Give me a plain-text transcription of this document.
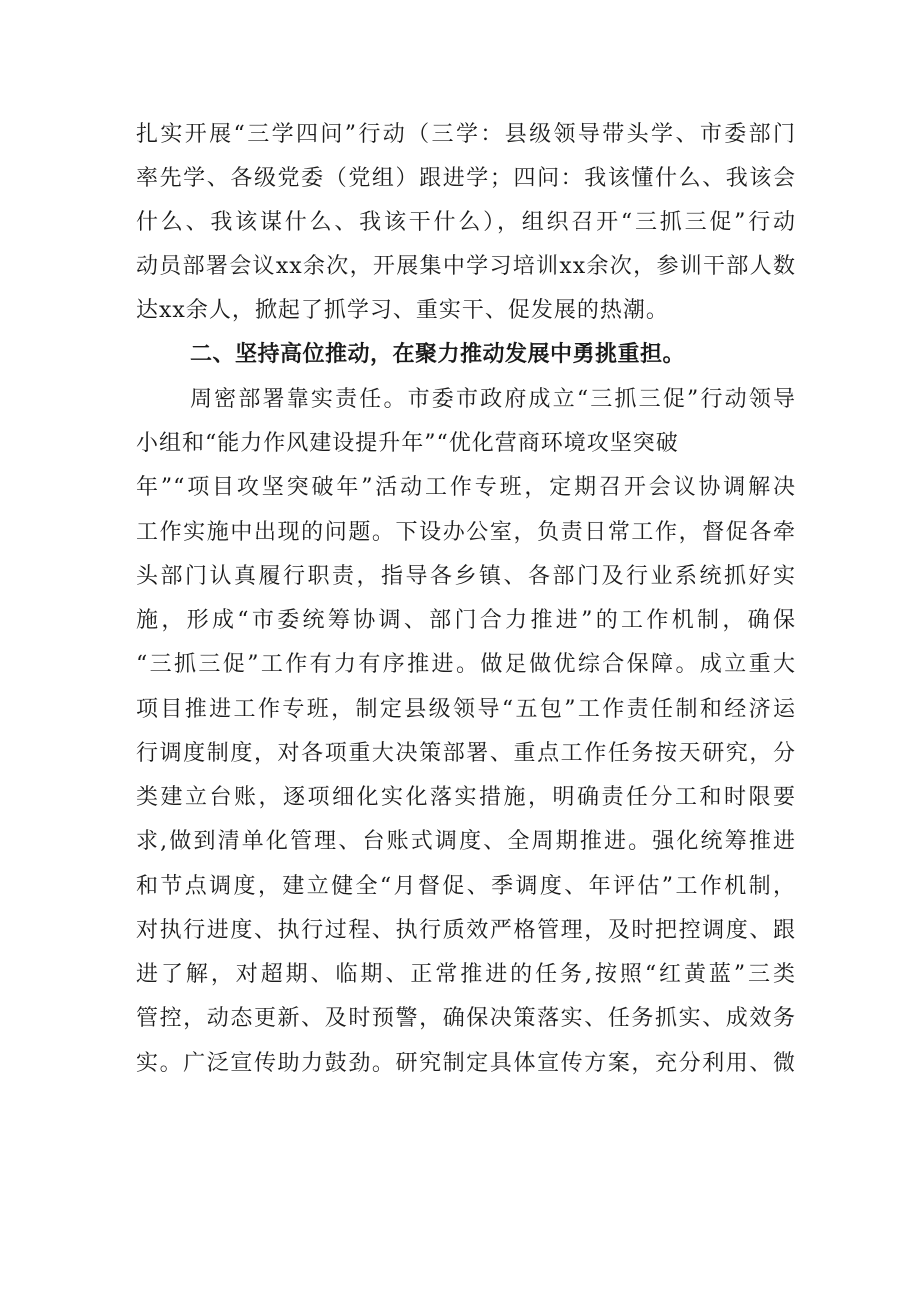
扎实开展“三学四问”行动（三学：县级领导带头学、市委部门
率先学、各级党委（党组）跟进学；四问：我该懂什么、我该会
什么、我该谋什么、我该干什么），组织召开“三抓三促”行动
动员部署会议xx余次，开展集中学习培训xx余次，参训干部人数
达xx余人，掀起了抓学习、重实干、促发展的热潮。
二、坚持高位推动，在聚力推动发展中勇挑重担。
周密部署靠实责任。市委市政府成立“三抓三促”行动领导
小组和“能力作风建设提升年”“优化营商环境攻坚突破
年”“项目攻坚突破年”活动工作专班，定期召开会议协调解决
工作实施中出现的问题。下设办公室，负责日常工作，督促各牵
头部门认真履行职责，指导各乡镇、各部门及行业系统抓好实
施，形成“市委统筹协调、部门合力推进”的工作机制，确保
“三抓三促”工作有力有序推进。做足做优综合保障。成立重大
项目推进工作专班，制定县级领导“五包”工作责任制和经济运
行调度制度，对各项重大决策部署、重点工作任务按天研究，分
类建立台账，逐项细化实化落实措施，明确责任分工和时限要
求,做到清单化管理、台账式调度、全周期推进。强化统筹推进
和节点调度，建立健全“月督促、季调度、年评估”工作机制，
对执行进度、执行过程、执行质效严格管理，及时把控调度、跟
进了解，对超期、临期、正常推进的任务,按照“红黄蓝”三类
管控，动态更新、及时预警，确保决策落实、任务抓实、成效务
实。广泛宣传助力鼓劲。研究制定具体宣传方案，充分利用、微
